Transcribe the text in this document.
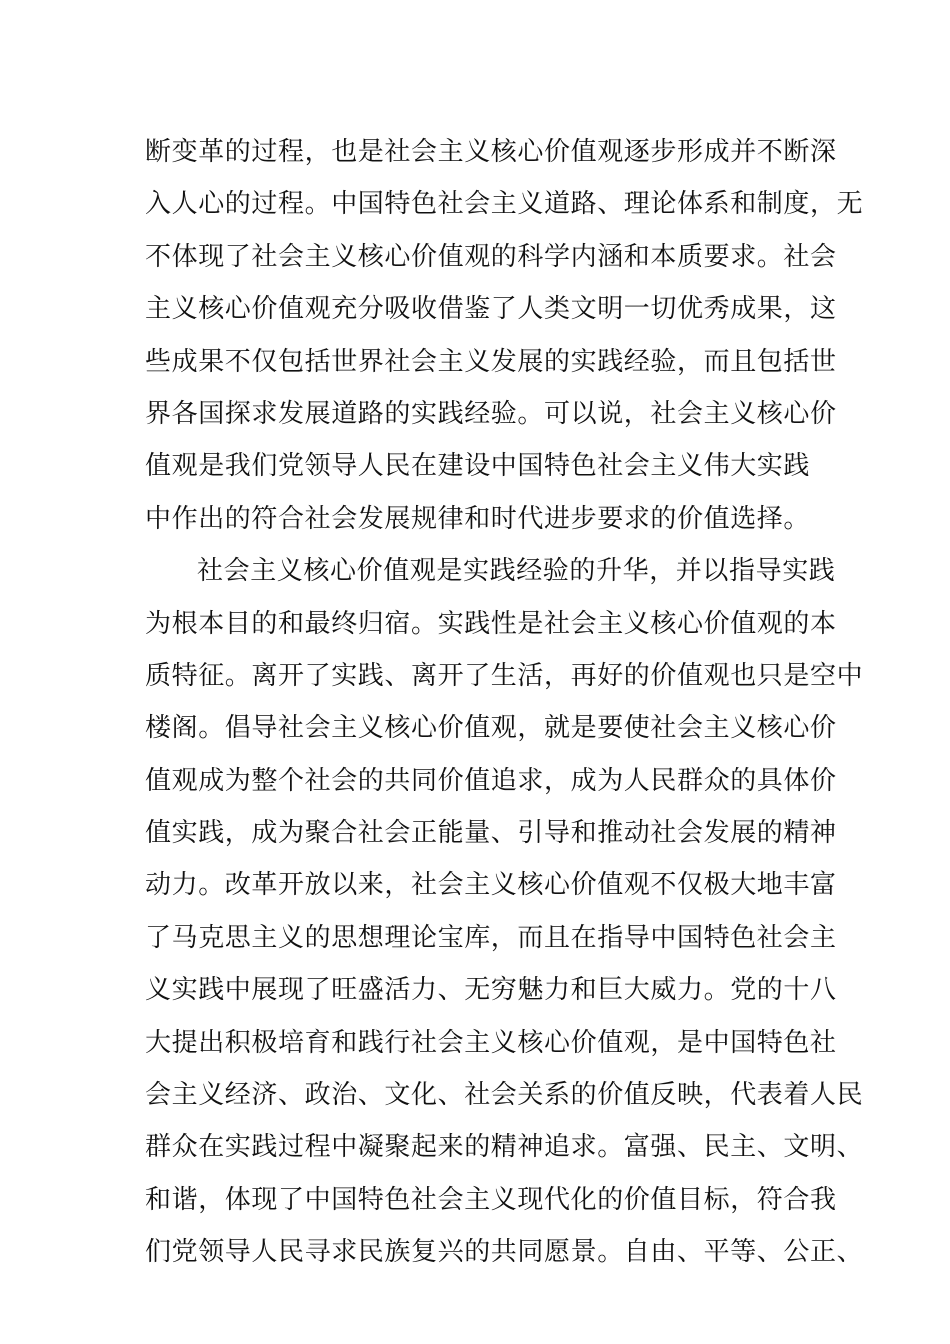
断变革的过程，也是社会主义核心价值观逐步形成并不断深
入人心的过程。中国特色社会主义道路、理论体系和制度，无
不体现了社会主义核心价值观的科学内涵和本质要求。社会
主义核心价值观充分吸收借鉴了人类文明一切优秀成果，这
些成果不仅包括世界社会主义发展的实践经验，而且包括世
界各国探求发展道路的实践经验。可以说，社会主义核心价
值观是我们党领导人民在建设中国特色社会主义伟大实践
中作出的符合社会发展规律和时代进步要求的价值选择。
社会主义核心价值观是实践经验的升华，并以指导实践
为根本目的和最终归宿。实践性是社会主义核心价值观的本
质特征。离开了实践、离开了生活，再好的价值观也只是空中
楼阁。倡导社会主义核心价值观，就是要使社会主义核心价
值观成为整个社会的共同价值追求，成为人民群众的具体价
值实践，成为聚合社会正能量、引导和推动社会发展的精神
动力。改革开放以来，社会主义核心价值观不仅极大地丰富
了马克思主义的思想理论宝库，而且在指导中国特色社会主
义实践中展现了旺盛活力、无穷魅力和巨大威力。党的十八
大提出积极培育和践行社会主义核心价值观，是中国特色社
会主义经济、政治、文化、社会关系的价值反映，代表着人民
群众在实践过程中凝聚起来的精神追求。富强、民主、文明、
和谐，体现了中国特色社会主义现代化的价值目标，符合我
们党领导人民寻求民族复兴的共同愿景。自由、平等、公正、
